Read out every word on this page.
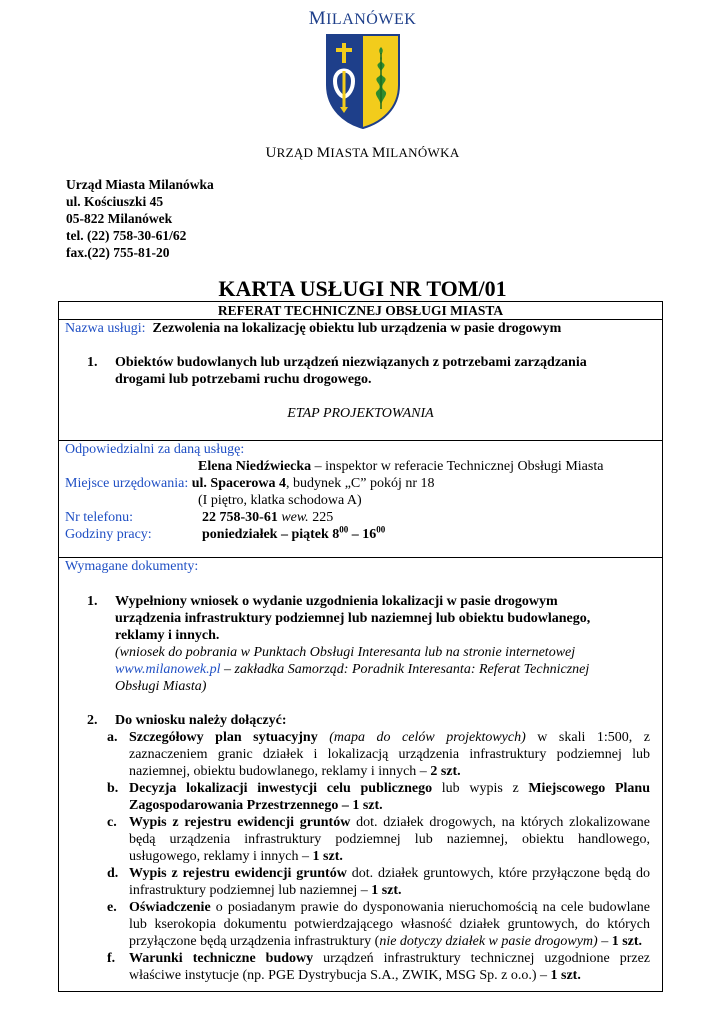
MILANÓWEK
URZĄD MIASTA MILANÓWKA
Urząd Miasta Milanówka
ul. Kościuszki 45
05-822 Milanówek
tel. (22) 758-30-61/62
fax.(22) 755-81-20
KARTA USŁUGI NR TOM/01
REFERAT TECHNICZNEJ OBSŁUGI MIASTA
Nazwa usługi: Zezwolenia na lokalizację obiektu lub urządzenia w pasie drogowym
1. Obiektów budowlanych lub urządzeń niezwiązanych z potrzebami zarządzania drogami lub potrzebami ruchu drogowego.
ETAP PROJEKTOWANIA
Odpowiedzialni za daną usługę:
Elena Niedźwiecka – inspektor w referacie Technicznej Obsługi Miasta
Miejsce urzędowania: ul. Spacerowa 4, budynek „C” pokój nr 18
(I piętro, klatka schodowa A)
Nr telefonu:	22 758-30-61 wew. 225
Godziny pracy:	poniedziałek – piątek $8^{00} - 16^{00}$
Wymagane dokumenty:
1. Wypełniony wniosek o wydanie uzgodnienia lokalizacji w pasie drogowym urządzenia infrastruktury podziemnej lub naziemnej lub obiektu budowlanego, reklamy i innych.
(wniosek do pobrania w Punktach Obsługi Interesanta lub na stronie internetowej www.milanowek.pl – zakładka Samorząd: Poradnik Interesanta: Referat Technicznej Obsługi Miasta)
2. Do wniosku należy dołączyć:
a. Szczegółowy plan sytuacyjny (mapa do celów projektowych) w skali 1:500, z zaznaczeniem granic działek i lokalizacją urządzenia infrastruktury podziemnej lub naziemnej, obiektu budowlanego, reklamy i innych – 2 szt.
b. Decyzja lokalizacji inwestycji celu publicznego lub wypis z Miejscowego Planu Zagospodarowania Przestrzennego – 1 szt.
c. Wypis z rejestru ewidencji gruntów dot. działek drogowych, na których zlokalizowane będą urządzenia infrastruktury podziemnej lub naziemnej, obiektu handlowego, usługowego, reklamy i innych – 1 szt.
d. Wypis z rejestru ewidencji gruntów dot. działek gruntowych, które przyłączone będą do infrastruktury podziemnej lub naziemnej – 1 szt.
e. Oświadczenie o posiadanym prawie do dysponowania nieruchomością na cele budowlane lub kserokopia dokumentu potwierdzającego własność działek gruntowych, do których przyłączone będą urządzenia infrastruktury (nie dotyczy działek w pasie drogowym) – 1 szt.
f. Warunki techniczne budowy urządzeń infrastruktury technicznej uzgodnione przez właściwe instytucje (np. PGE Dystrybucja S.A., ZWIK, MSG Sp. z o.o.) – 1 szt.
